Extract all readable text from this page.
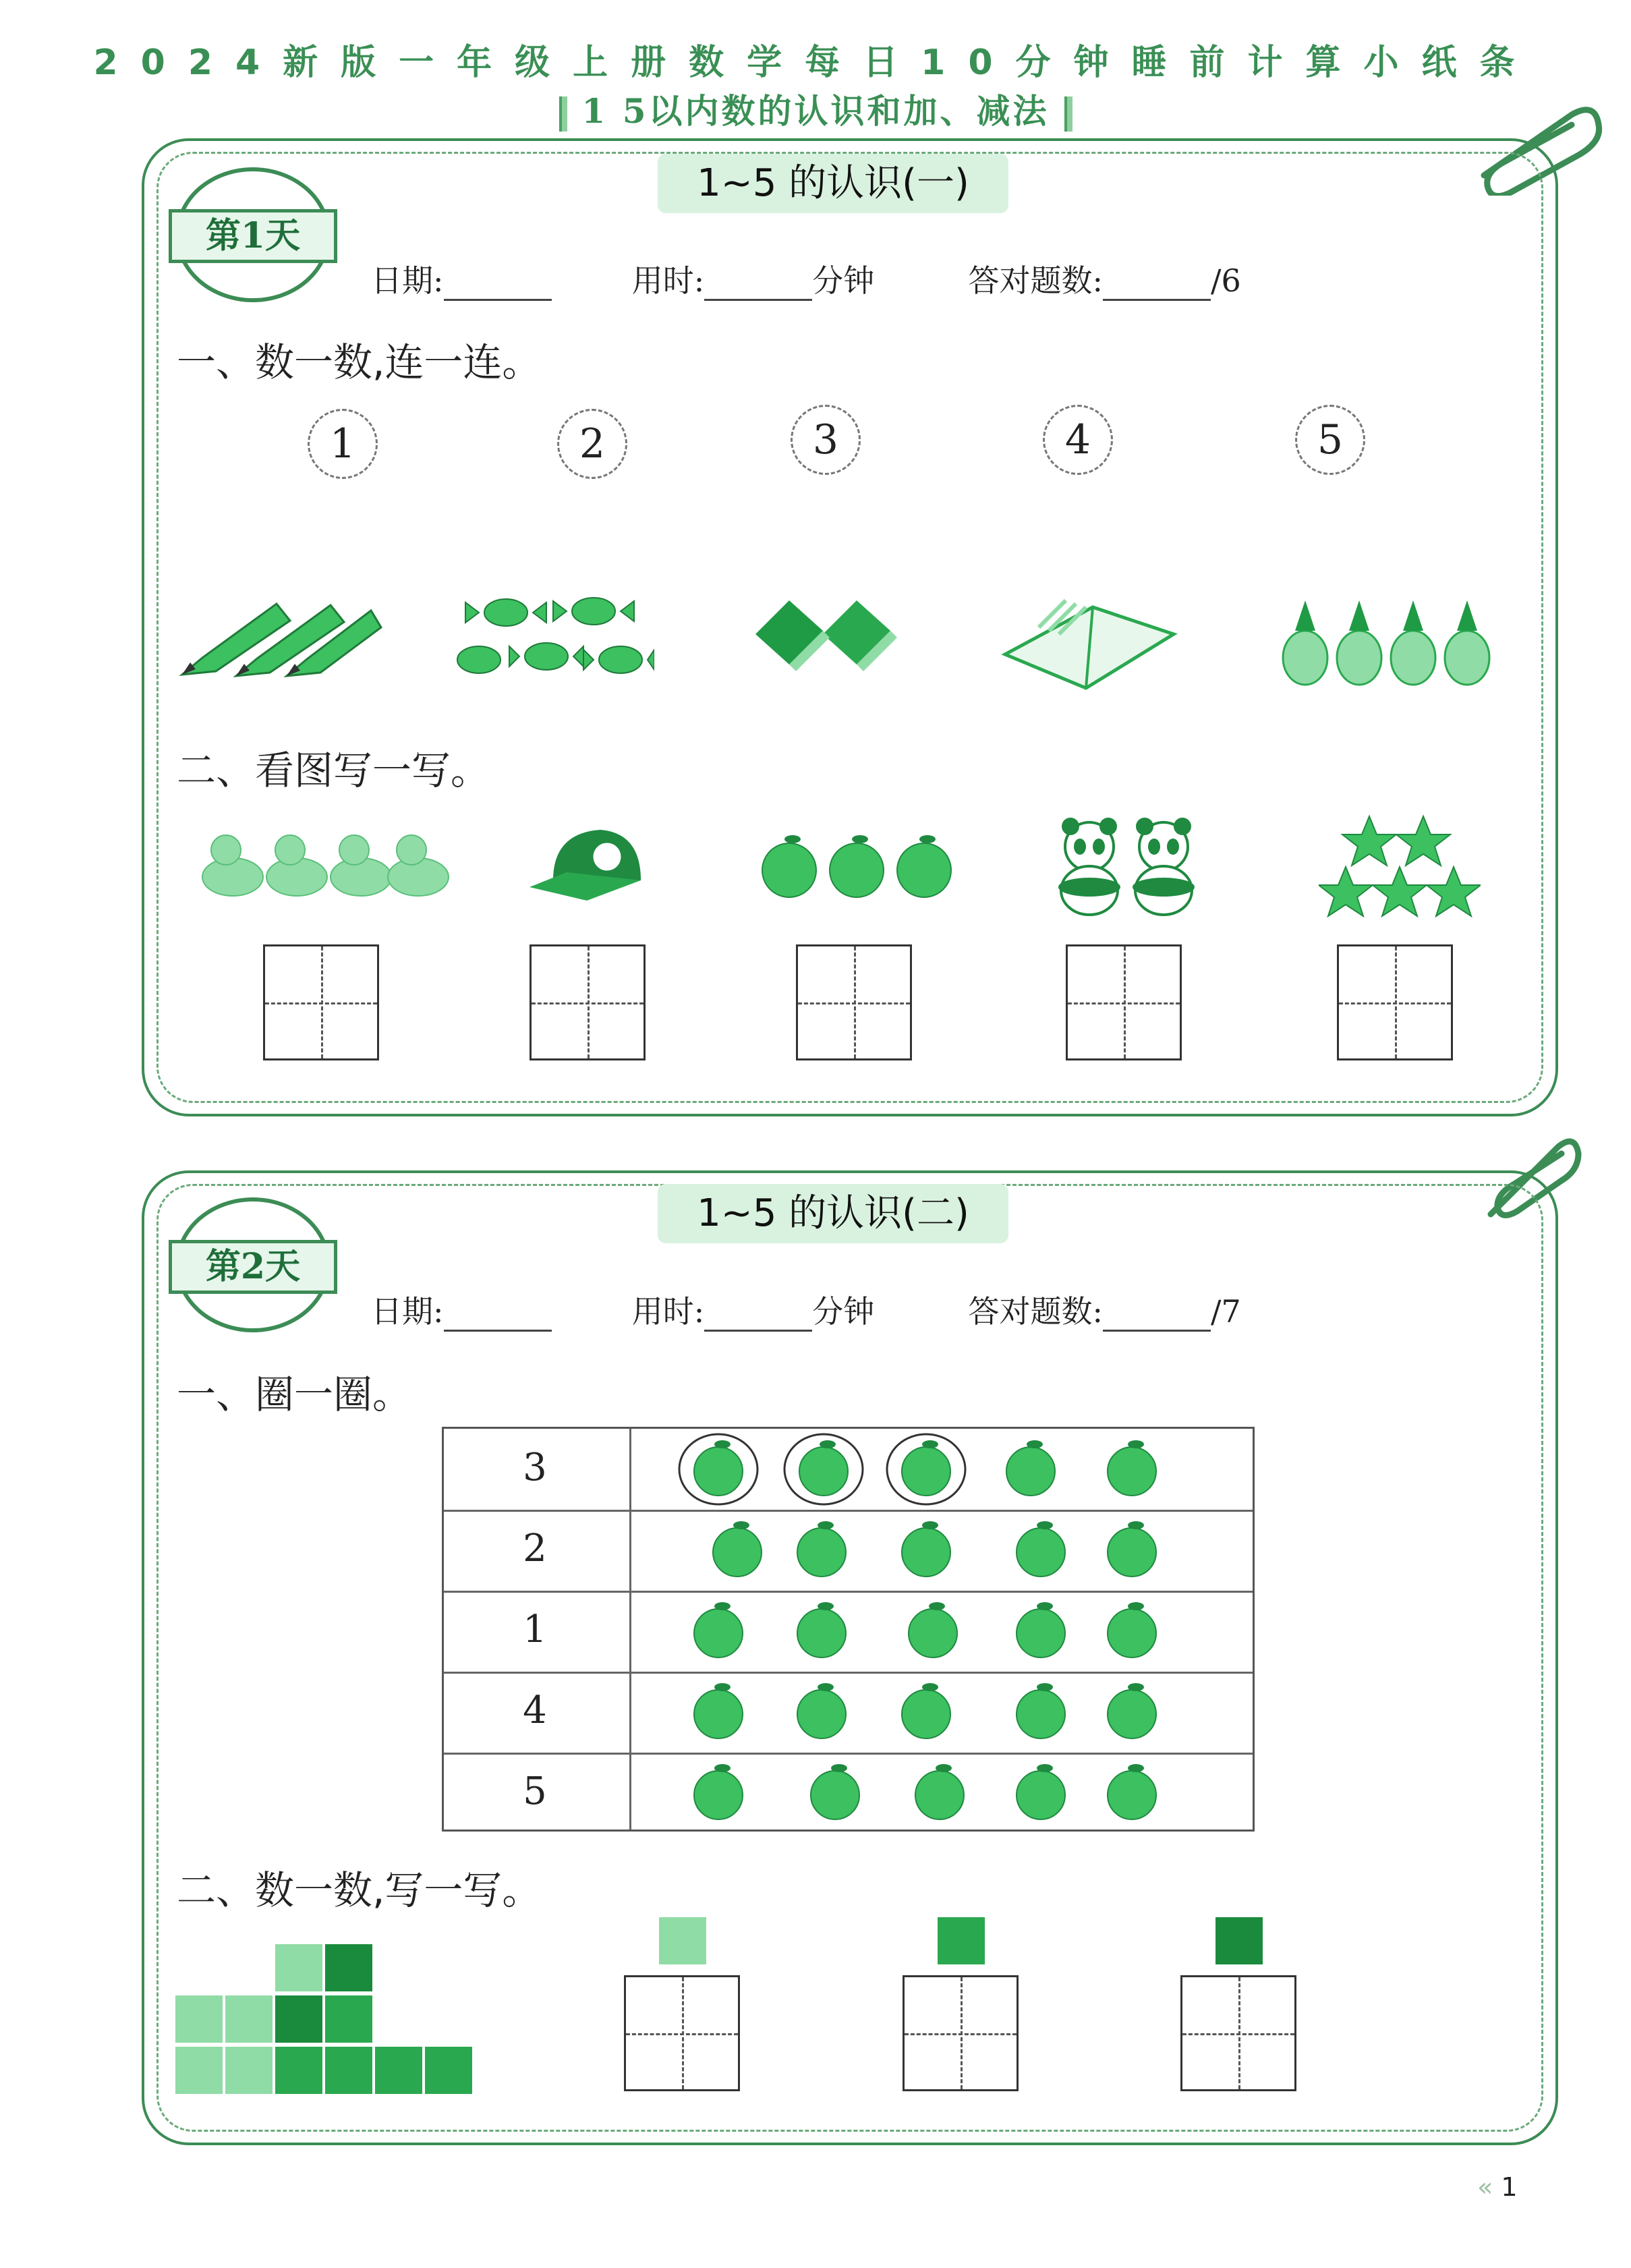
2024新版一年级上册数学每日10分钟睡前计算小纸条
1 5以内数的认识和加、减法
1~5 的认识(一)
第1天
日期:	用时:	分钟	答对题数:	/6
一、数一数,连一连。
1	2	3	4	5
二、看图写一写。
1~5 的认识(二)
第2天
日期:	用时:	分钟	答对题数:	/7
一、圈一圈。
3
2
1
4
5
二、数一数,写一写。
« 1
